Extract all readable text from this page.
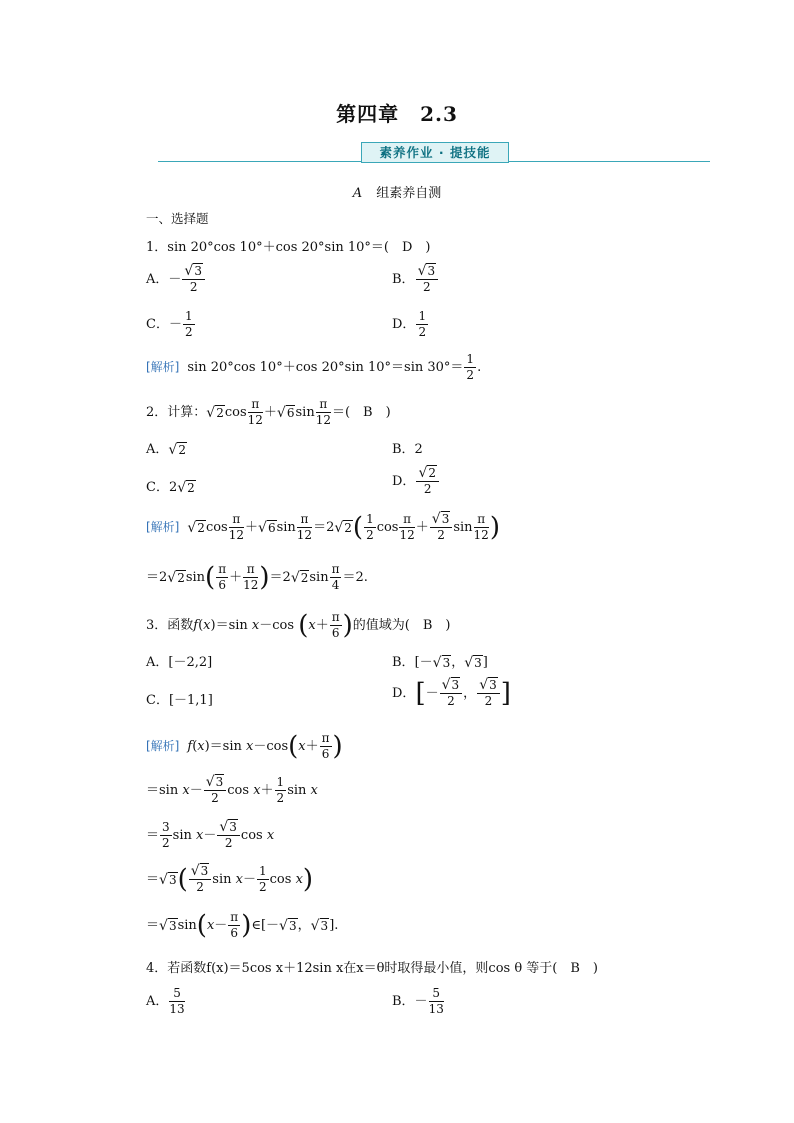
第四章　2.3
素养作业 · 提技能
A 组素养自测
一、选择题
1．sin 20°cos 10°＋cos 20°sin 10°＝(　D　)
A．－ $\frac{√3}{2}$	B． $\frac{√3}{2}$
C．－ $\frac{1}{2}$	D． $\frac{1}{2}$
[解析] sin 20°cos 10°＋cos 20°sin 10°＝sin $30^\circ= \frac{1}{2}$ .
2．计算：$√2\cos \frac{\pi}{12} +√6\sin \frac{\pi}{12}$ ＝(　B　)
A．√2	B．2
C．2√2	D． $\frac{√2}{2}$
[解析] $√2\cos \frac{\pi}{12} +√6\sin \frac{\pi}{12} =2√2( \frac{1}{2}$ $\cos \frac{\pi}{12} + \frac{√3}{2}$ $\sin \frac{\pi}{12}$ )
$=2√2\sin( \frac{\pi}{6} + \frac{\pi}{12} )=2√2\sin \frac{\pi}{4} =2$.
3．函数f(x)＝sin x－cos ($x+ \frac{\pi}{6}$ )的值域为(　B　)
A．[－2,2]	B．[－√3，√3]
C．[－1,1]	D．[－ $\frac{√3}{2}$ ， $\frac{√3}{2}$ ]
[解析] f(x)＝sin $x-\cos(x+ \frac{\pi}{6}$ )
＝sin $x- \frac{√3}{2}$ $\cos x+ \frac{1}{2}$ sin x
＝ $\frac{3}{2}$ $\sin x- \frac{√3}{2}$ cos x
$=√3( \frac{√3}{2}$ $\sin x- \frac{1}{2}$ cos x)
$=√3\sin(x- \frac{\pi}{6}$ )∈[－√3，√3].
4．若函数f(x)＝5cos x＋12sin x在x＝θ时取得最小值，则cos θ 等于(　B　)
A． $\frac{5}{13}$	B．－ $\frac{5}{13}$
